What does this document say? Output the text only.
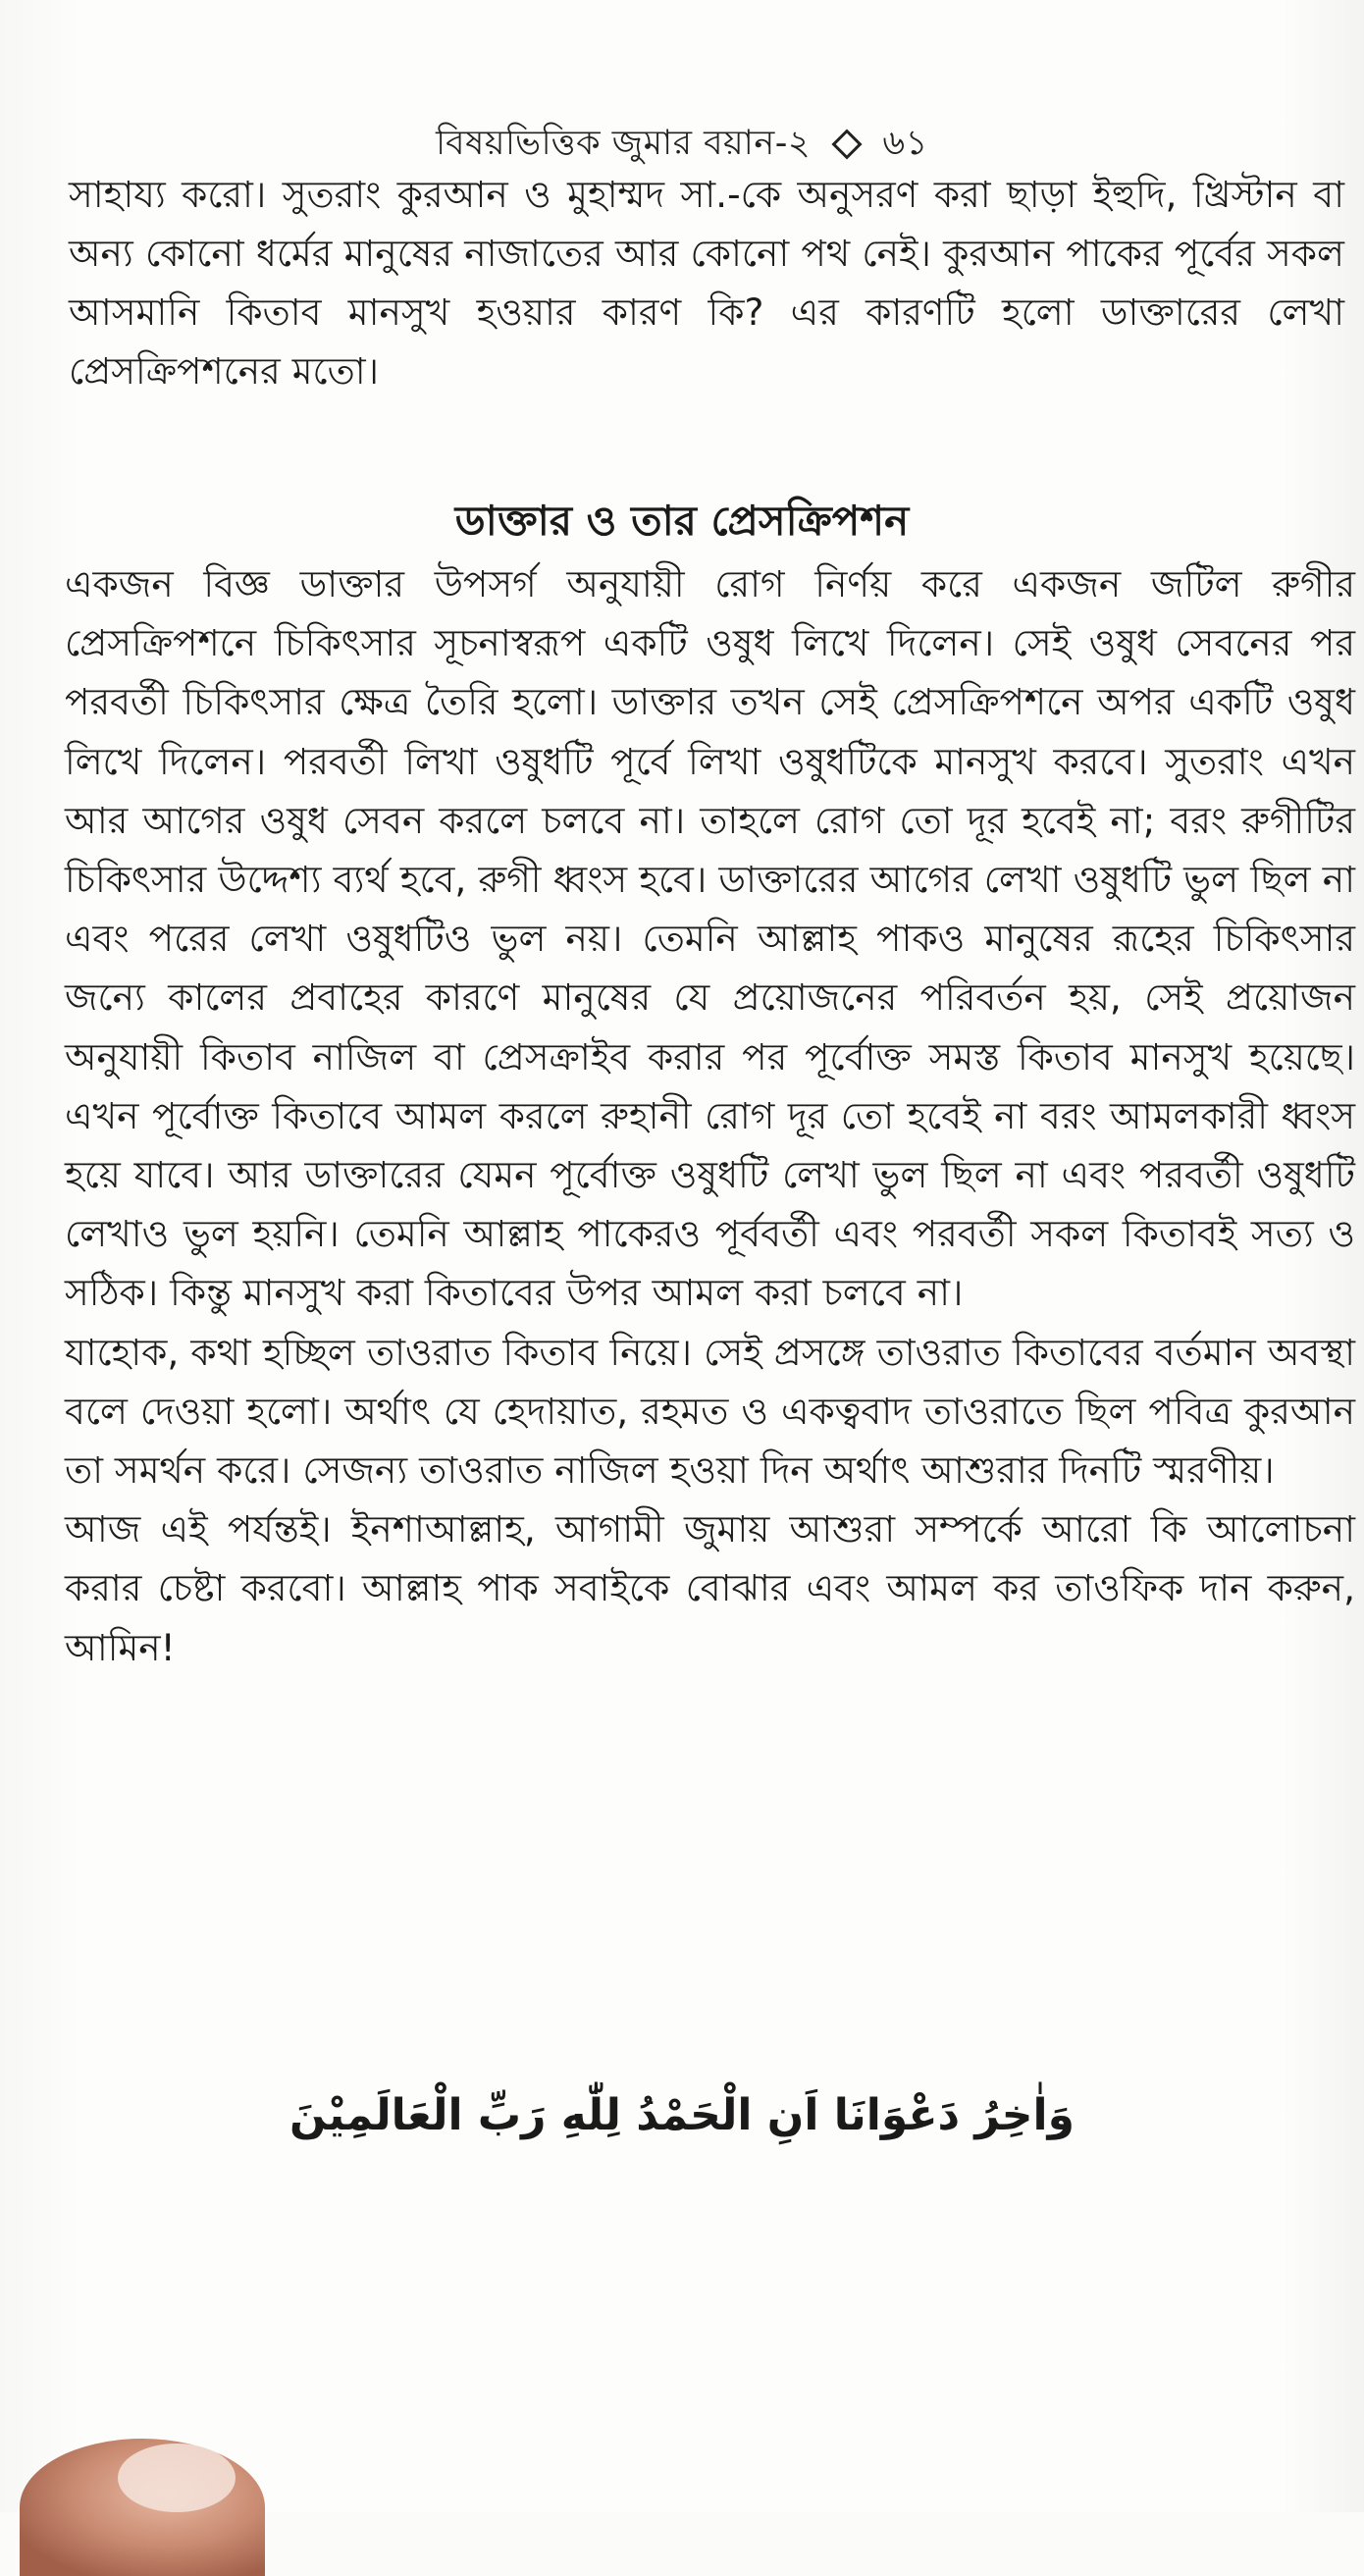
বিষয়ভিত্তিক জুমার বয়ান-২ ৬১

সাহায্য করো। সুতরাং কুরআন ও মুহাম্মদ সা.-কে অনুসরণ করা ছাড়া ইহুদি, খ্রিস্টান বা অন্য কোনো ধর্মের মানুষের নাজাতের আর কোনো পথ নেই। কুরআন পাকের পূর্বের সকল আসমানি কিতাব মানসুখ হওয়ার কারণ কি? এর কারণটি হলো ডাক্তারের লেখা প্রেসক্রিপশনের মতো।

ডাক্তার ও তার প্রেসক্রিপশন

একজন বিজ্ঞ ডাক্তার উপসর্গ অনুযায়ী রোগ নির্ণয় করে একজন জটিল রুগীর প্রেসক্রিপশনে চিকিৎসার সূচনাস্বরূপ একটি ওষুধ লিখে দিলেন। সেই ওষুধ সেবনের পর পরবর্তী চিকিৎসার ক্ষেত্র তৈরি হলো। ডাক্তার তখন সেই প্রেসক্রিপশনে অপর একটি ওষুধ লিখে দিলেন। পরবর্তী লিখা ওষুধটি পূর্বে লিখা ওষুধটিকে মানসুখ করবে। সুতরাং এখন আর আগের ওষুধ সেবন করলে চলবে না। তাহলে রোগ তো দূর হবেই না; বরং রুগীটির চিকিৎসার উদ্দেশ্য ব্যর্থ হবে, রুগী ধ্বংস হবে। ডাক্তারের আগের লেখা ওষুধটি ভুল ছিল না এবং পরের লেখা ওষুধটিও ভুল নয়। তেমনি আল্লাহ পাকও মানুষের রূহের চিকিৎসার জন্যে কালের প্রবাহের কারণে মানুষের যে প্রয়োজনের পরিবর্তন হয়, সেই প্রয়োজন অনুযায়ী কিতাব নাজিল বা প্রেসক্রাইব করার পর পূর্বোক্ত সমস্ত কিতাব মানসুখ হয়েছে। এখন পূর্বোক্ত কিতাবে আমল করলে রুহানী রোগ দূর তো হবেই না বরং আমলকারী ধ্বংস হয়ে যাবে। আর ডাক্তারের যেমন পূর্বোক্ত ওষুধটি লেখা ভুল ছিল না এবং পরবর্তী ওষুধটি লেখাও ভুল হয়নি। তেমনি আল্লাহ পাকেরও পূর্ববর্তী এবং পরবর্তী সকল কিতাবই সত্য ও সঠিক। কিন্তু মানসুখ করা কিতাবের উপর আমল করা চলবে না।

যাহোক, কথা হচ্ছিল তাওরাত কিতাব নিয়ে। সেই প্রসঙ্গে তাওরাত কিতাবের বর্তমান অবস্থা বলে দেওয়া হলো। অর্থাৎ যে হেদায়াত, রহমত ও একত্ববাদ তাওরাতে ছিল পবিত্র কুরআন তা সমর্থন করে। সেজন্য তাওরাত নাজিল হওয়া দিন অর্থাৎ আশুরার দিনটি স্মরণীয়।

আজ এই পর্যন্তই। ইনশাআল্লাহ, আগামী জুমায় আশুরা সম্পর্কে আরো কি আলোচনা করার চেষ্টা করবো। আল্লাহ পাক সবাইকে বোঝার এবং আমল কর তাওফিক দান করুন, আমিন!

وَاٰخِرُ دَعْوَانَا اَنِ الْحَمْدُ لِلّٰهِ رَبِّ الْعَالَمِيْنَ
